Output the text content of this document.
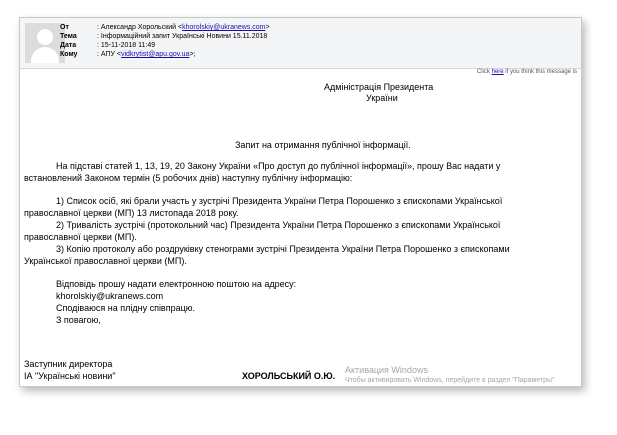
От	: Александр Хорольский <khorolskiy@ukranews.com>
Тема	: Інформаційний запит Українські Новини 15.11.2018
Дата	: 15-11-2018 11:49
Кому	: АПУ <vidkrytist@apu.gov.ua>;
Click here if you think this message is
Адміністрація Президента
України
Запит на отримання публічної інформації.
На підставі статей 1, 13, 19, 20 Закону України «Про доступ до публічної інформації», прошу Вас надати у
встановлений Законом термін (5 робочих днів) наступну публічну інформацію:
1) Список осіб, які брали участь у зустрічі Президента України Петра Порошенко з єпископами Української
православної церкви (МП) 13 листопада 2018 року.
2) Тривалість зустрічі (протокольний час) Президента України Петра Порошенко з єпископами Української
православної церкви (МП).
3) Копію протоколу або роздруківку стенограми зустрічі Президента України Петра Порошенко з єпископами
Української православної церкви (МП).
Відповідь прошу надати електронною поштою на адресу:
khorolskiy@ukranews.com
Сподіваюся на плідну співпрацю.
З повагою,
Заступник директора
ІА "Українські новини"	ХОРОЛЬСЬКИЙ О.Ю.
Активация Windows
Чтобы активировать Windows, перейдите в раздел "Параметры"
